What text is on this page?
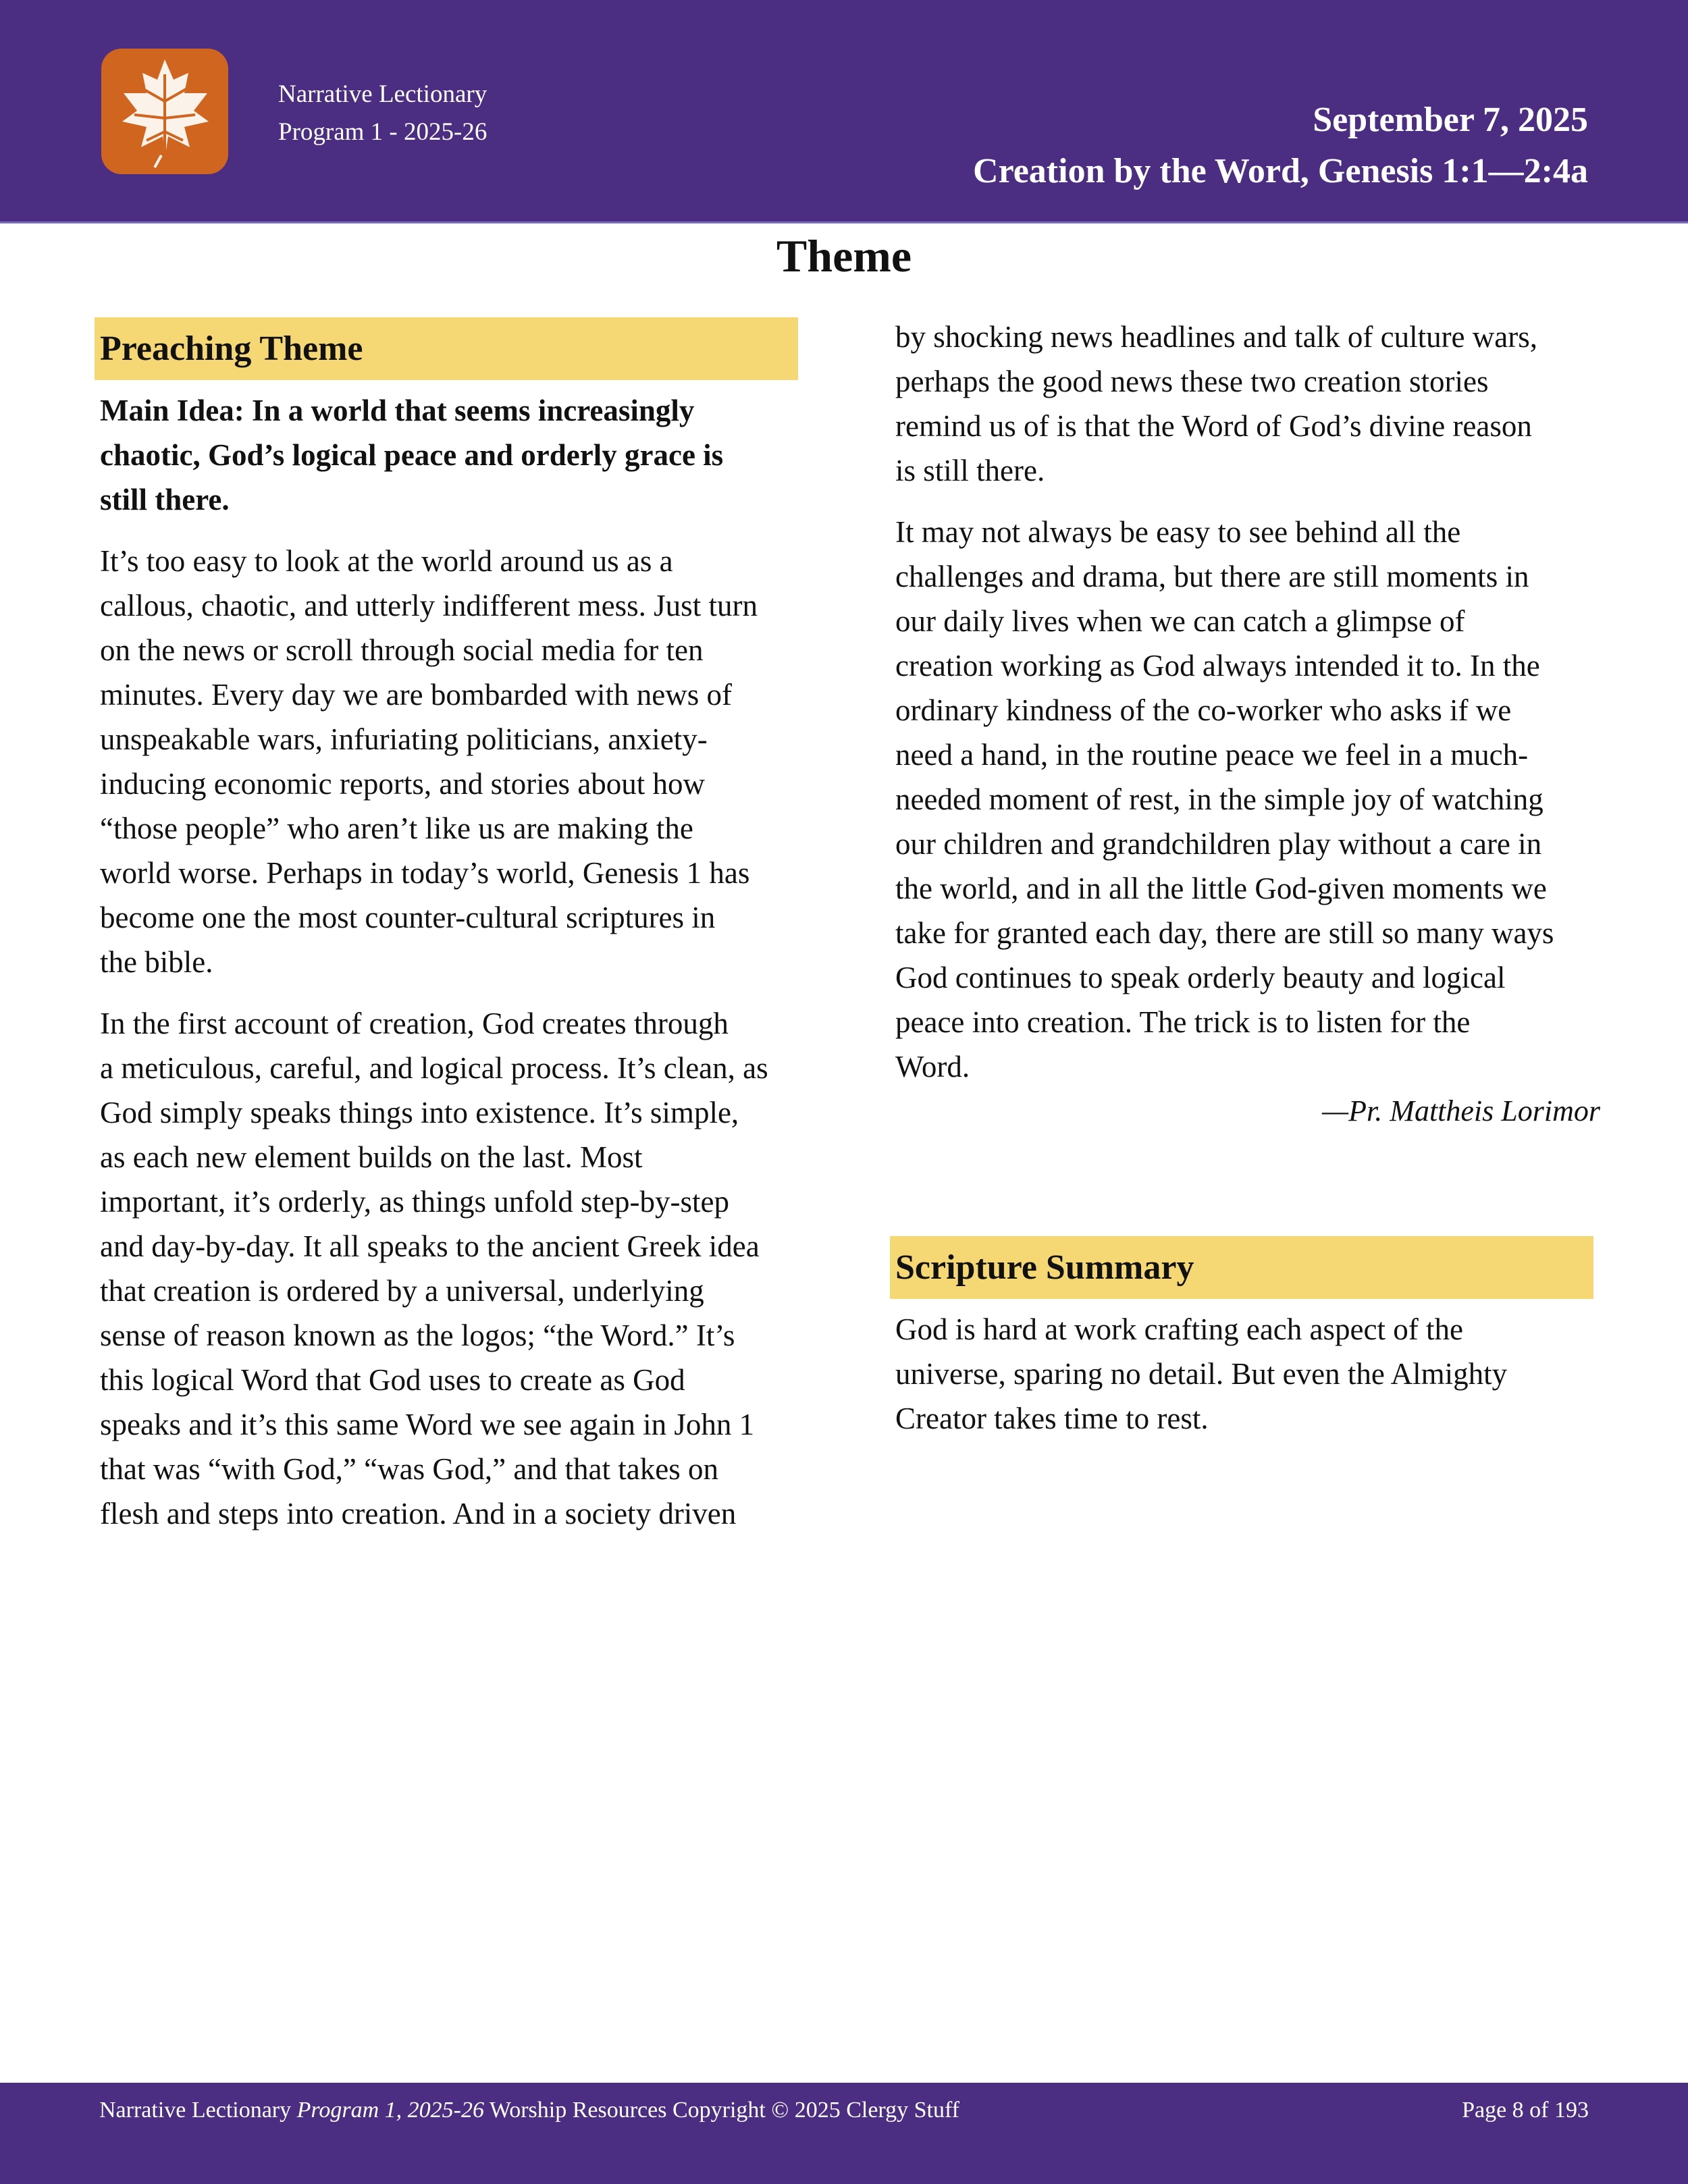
Narrative Lectionary
Program 1 - 2025-26	September 7, 2025
Creation by the Word, Genesis 1:1—2:4a
Theme
Preaching Theme
Main Idea: In a world that seems increasingly
chaotic, God’s logical peace and orderly grace is
still there.
It’s too easy to look at the world around us as a
callous, chaotic, and utterly indifferent mess. Just turn
on the news or scroll through social media for ten
minutes. Every day we are bombarded with news of
unspeakable wars, infuriating politicians, anxiety-
inducing economic reports, and stories about how
“those people” who aren’t like us are making the
world worse. Perhaps in today’s world, Genesis 1 has
become one the most counter-cultural scriptures in
the bible.
In the first account of creation, God creates through
a meticulous, careful, and logical process. It’s clean, as
God simply speaks things into existence. It’s simple,
as each new element builds on the last. Most
important, it’s orderly, as things unfold step-by-step
and day-by-day. It all speaks to the ancient Greek idea
that creation is ordered by a universal, underlying
sense of reason known as the logos; “the Word.” It’s
this logical Word that God uses to create as God
speaks and it’s this same Word we see again in John 1
that was “with God,” “was God,” and that takes on
flesh and steps into creation. And in a society driven
by shocking news headlines and talk of culture wars,
perhaps the good news these two creation stories
remind us of is that the Word of God’s divine reason
is still there.
It may not always be easy to see behind all the
challenges and drama, but there are still moments in
our daily lives when we can catch a glimpse of
creation working as God always intended it to. In the
ordinary kindness of the co-worker who asks if we
need a hand, in the routine peace we feel in a much-
needed moment of rest, in the simple joy of watching
our children and grandchildren play without a care in
the world, and in all the little God-given moments we
take for granted each day, there are still so many ways
God continues to speak orderly beauty and logical
peace into creation. The trick is to listen for the
Word.
—Pr. Mattheis Lorimor
Scripture Summary
God is hard at work crafting each aspect of the
universe, sparing no detail. But even the Almighty
Creator takes time to rest.
Narrative Lectionary Program 1, 2025-26 Worship Resources Copyright © 2025 Clergy Stuff	Page 8 of 193
